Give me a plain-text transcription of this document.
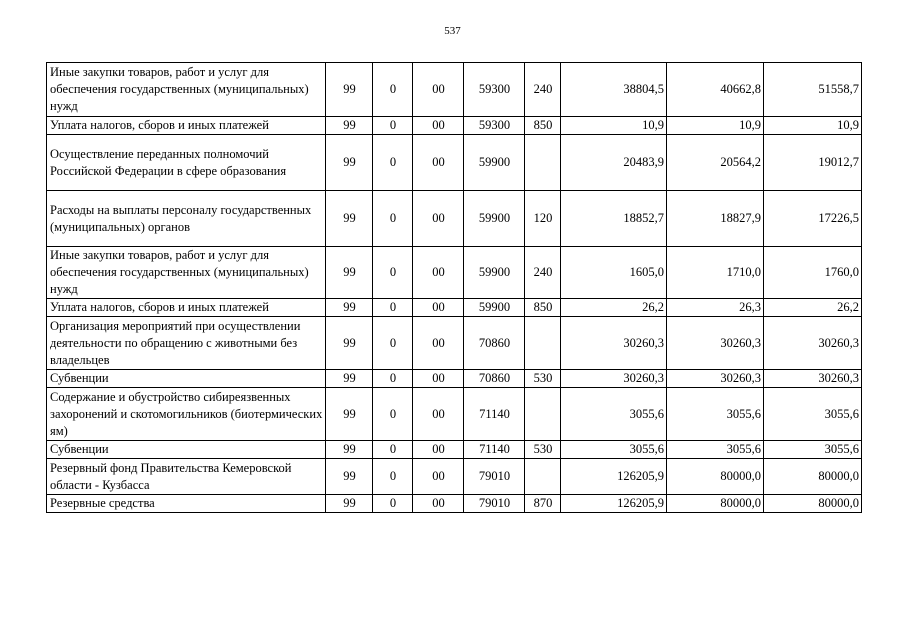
537
Иные закупки товаров, работ и услуг для обеспечения государственных (муниципальных) нужд	99	0	00	59300	240	38804,5	40662,8	51558,7
Уплата налогов, сборов и иных платежей	99	0	00	59300	850	10,9	10,9	10,9
Осуществление переданных полномочий Российской Федерации в сфере образования	99	0	00	59900		20483,9	20564,2	19012,7
Расходы на выплаты персоналу государственных (муниципальных) органов	99	0	00	59900	120	18852,7	18827,9	17226,5
Иные закупки товаров, работ и услуг для обеспечения государственных (муниципальных) нужд	99	0	00	59900	240	1605,0	1710,0	1760,0
Уплата налогов, сборов и иных платежей	99	0	00	59900	850	26,2	26,3	26,2
Организация мероприятий при осуществлении деятельности по обращению с животными без владельцев	99	0	00	70860		30260,3	30260,3	30260,3
Субвенции	99	0	00	70860	530	30260,3	30260,3	30260,3
Содержание и обустройство сибиреязвенных захоронений и скотомогильников (биотермических ям)	99	0	00	71140		3055,6	3055,6	3055,6
Субвенции	99	0	00	71140	530	3055,6	3055,6	3055,6
Резервный фонд Правительства Кемеровской области - Кузбасса	99	0	00	79010		126205,9	80000,0	80000,0
Резервные средства	99	0	00	79010	870	126205,9	80000,0	80000,0
